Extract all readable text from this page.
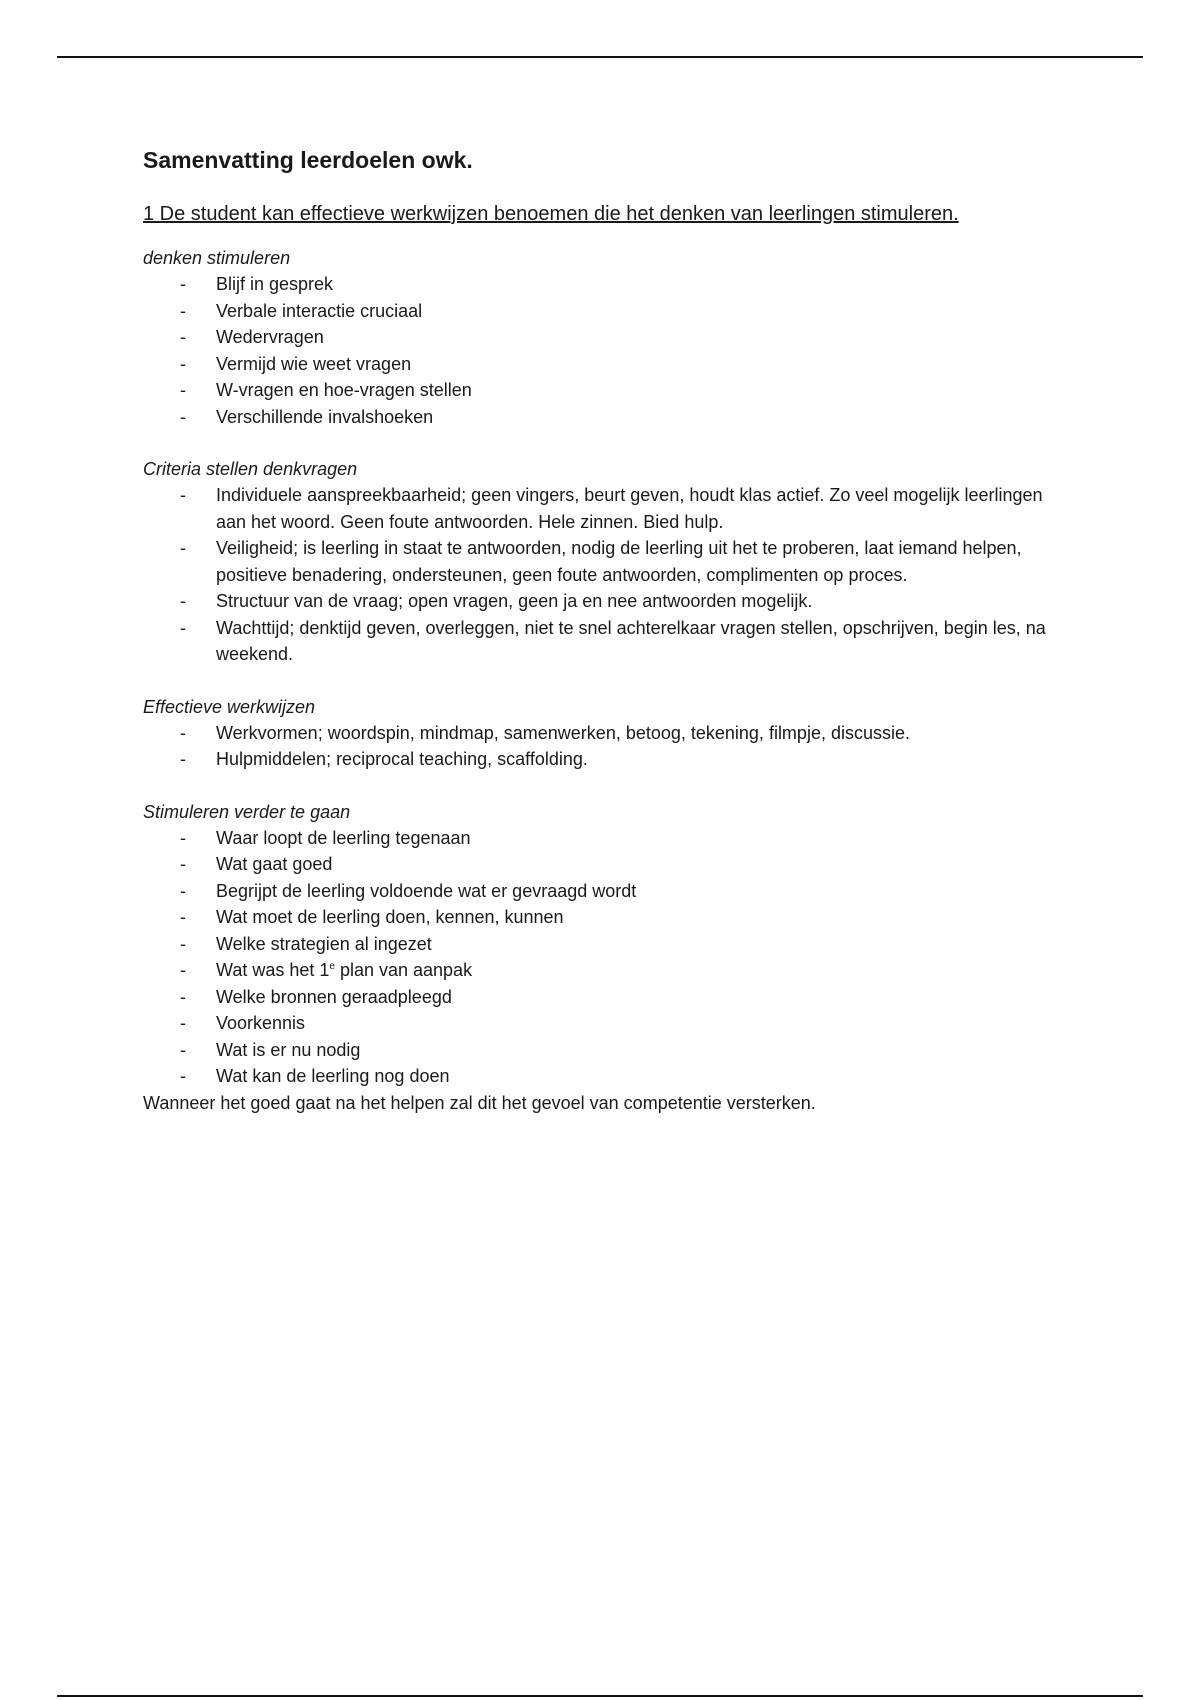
Samenvatting leerdoelen owk.

1 De student kan effectieve werkwijzen benoemen die het denken van leerlingen stimuleren.

denken stimuleren

- Blijf in gesprek
- Verbale interactie cruciaal
- Wedervragen
- Vermijd wie weet vragen
- W-vragen en hoe-vragen stellen
- Verschillende invalshoeken

Criteria stellen denkvragen

- Individuele aanspreekbaarheid; geen vingers, beurt geven, houdt klas actief. Zo veel mogelijk leerlingen aan het woord. Geen foute antwoorden. Hele zinnen. Bied hulp.
- Veiligheid; is leerling in staat te antwoorden, nodig de leerling uit het te proberen, laat iemand helpen, positieve benadering, ondersteunen, geen foute antwoorden, complimenten op proces.
- Structuur van de vraag; open vragen, geen ja en nee antwoorden mogelijk.
- Wachttijd; denktijd geven, overleggen, niet te snel achterelkaar vragen stellen, opschrijven, begin les, na weekend.

Effectieve werkwijzen

- Werkvormen; woordspin, mindmap, samenwerken, betoog, tekening, filmpje, discussie.
- Hulpmiddelen; reciprocal teaching, scaffolding.

Stimuleren verder te gaan

- Waar loopt de leerling tegenaan
- Wat gaat goed
- Begrijpt de leerling voldoende wat er gevraagd wordt
- Wat moet de leerling doen, kennen, kunnen
- Welke strategien al ingezet
- Wat was het 1e plan van aanpak
- Welke bronnen geraadpleegd
- Voorkennis
- Wat is er nu nodig
- Wat kan de leerling nog doen

Wanneer het goed gaat na het helpen zal dit het gevoel van competentie versterken.
